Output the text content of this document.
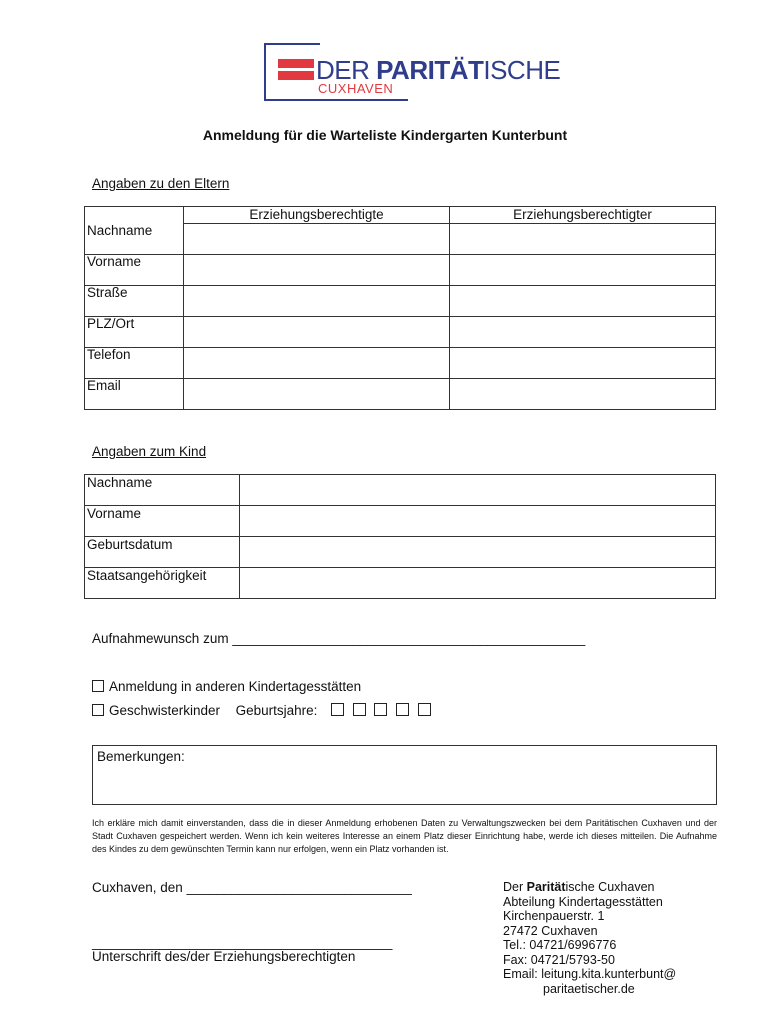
DER PARITÄTISCHE
CUXHAVEN
Anmeldung für die Warteliste Kindergarten Kunterbunt
Angaben zu den Eltern
	Erziehungsberechtigte	Erziehungsberechtigter
Nachname		
Vorname		
Straße		
PLZ/Ort		
Telefon		
Email		
Angaben zum Kind
Nachname	
Vorname	
Geburtsdatum	
Staatsangehörigkeit	
Aufnahmewunsch zum _______________________________________________
Anmeldung in anderen Kindertagesstätten
Geschwisterkinder Geburtsjahre:
Bemerkungen:
Ich erkläre mich damit einverstanden, dass die in dieser Anmeldung erhobenen Daten zu Verwaltungszwecken bei dem Paritätischen Cuxhaven und der Stadt Cuxhaven gespeichert werden. Wenn ich kein weiteres Interesse an einem Platz dieser Einrichtung habe, werde ich dieses mitteilen. Die Aufnahme des Kindes zu dem gewünschten Termin kann nur erfolgen, wenn ein Platz vorhanden ist.
Cuxhaven, den ______________________________
________________________________________
Unterschrift des/der Erziehungsberechtigten
Der Paritätische Cuxhaven
Abteilung Kindertagesstätten
Kirchenpauerstr. 1
27472 Cuxhaven
Tel.: 04721/6996776
Fax: 04721/5793-50
Email: leitung.kita.kunterbunt@
paritaetischer.de
